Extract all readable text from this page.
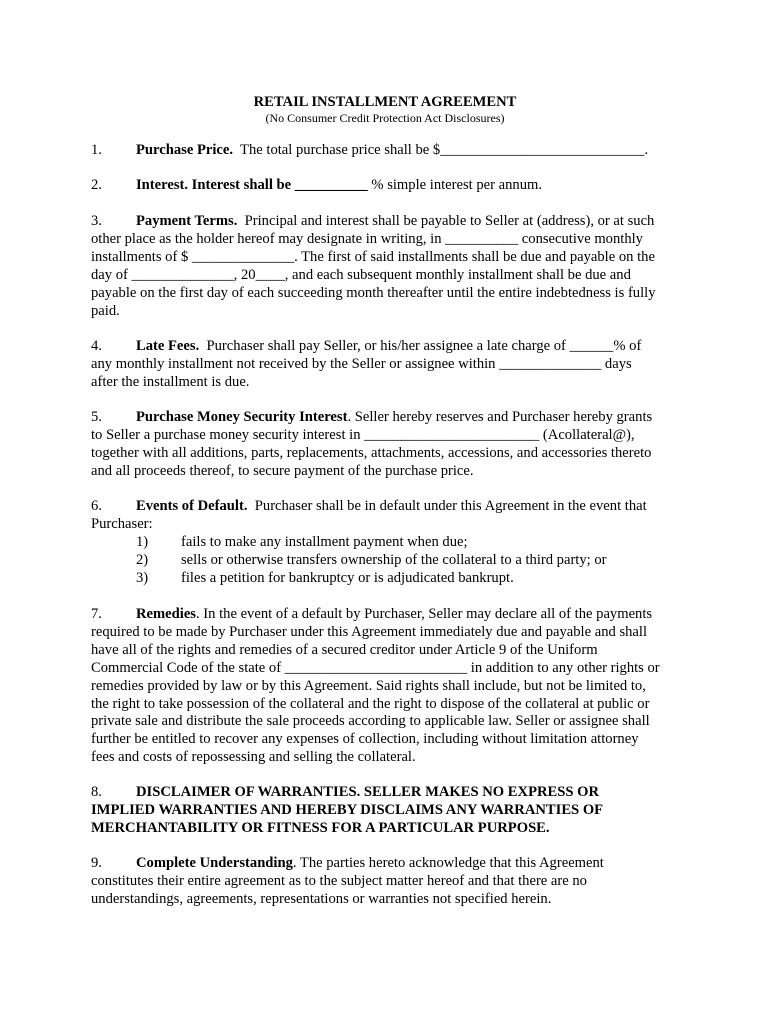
RETAIL INSTALLMENT AGREEMENT
(No Consumer Credit Protection Act Disclosures)
1. Purchase Price. The total purchase price shall be $____________________________.
2. Interest. Interest shall be __________ % simple interest per annum.
3. Payment Terms. Principal and interest shall be payable to Seller at (address), or at such
other place as the holder hereof may designate in writing, in __________ consecutive monthly
installments of $ ______________. The first of said installments shall be due and payable on the
day of ______________, 20____, and each subsequent monthly installment shall be due and
payable on the first day of each succeeding month thereafter until the entire indebtedness is fully
paid.
4. Late Fees. Purchaser shall pay Seller, or his/her assignee a late charge of ______% of
any monthly installment not received by the Seller or assignee within ______________ days
after the installment is due.
5. Purchase Money Security Interest. Seller hereby reserves and Purchaser hereby grants
to Seller a purchase money security interest in ________________________ (Acollateral@),
together with all additions, parts, replacements, attachments, accessions, and accessories thereto
and all proceeds thereof, to secure payment of the purchase price.
6. Events of Default. Purchaser shall be in default under this Agreement in the event that
Purchaser:
1) fails to make any installment payment when due;
2) sells or otherwise transfers ownership of the collateral to a third party; or
3) files a petition for bankruptcy or is adjudicated bankrupt.
7. Remedies. In the event of a default by Purchaser, Seller may declare all of the payments
required to be made by Purchaser under this Agreement immediately due and payable and shall
have all of the rights and remedies of a secured creditor under Article 9 of the Uniform
Commercial Code of the state of _________________________ in addition to any other rights or
remedies provided by law or by this Agreement. Said rights shall include, but not be limited to,
the right to take possession of the collateral and the right to dispose of the collateral at public or
private sale and distribute the sale proceeds according to applicable law. Seller or assignee shall
further be entitled to recover any expenses of collection, including without limitation attorney
fees and costs of repossessing and selling the collateral.
8. DISCLAIMER OF WARRANTIES. SELLER MAKES NO EXPRESS OR
IMPLIED WARRANTIES AND HEREBY DISCLAIMS ANY WARRANTIES OF
MERCHANTABILITY OR FITNESS FOR A PARTICULAR PURPOSE.
9. Complete Understanding. The parties hereto acknowledge that this Agreement
constitutes their entire agreement as to the subject matter hereof and that there are no
understandings, agreements, representations or warranties not specified herein.
